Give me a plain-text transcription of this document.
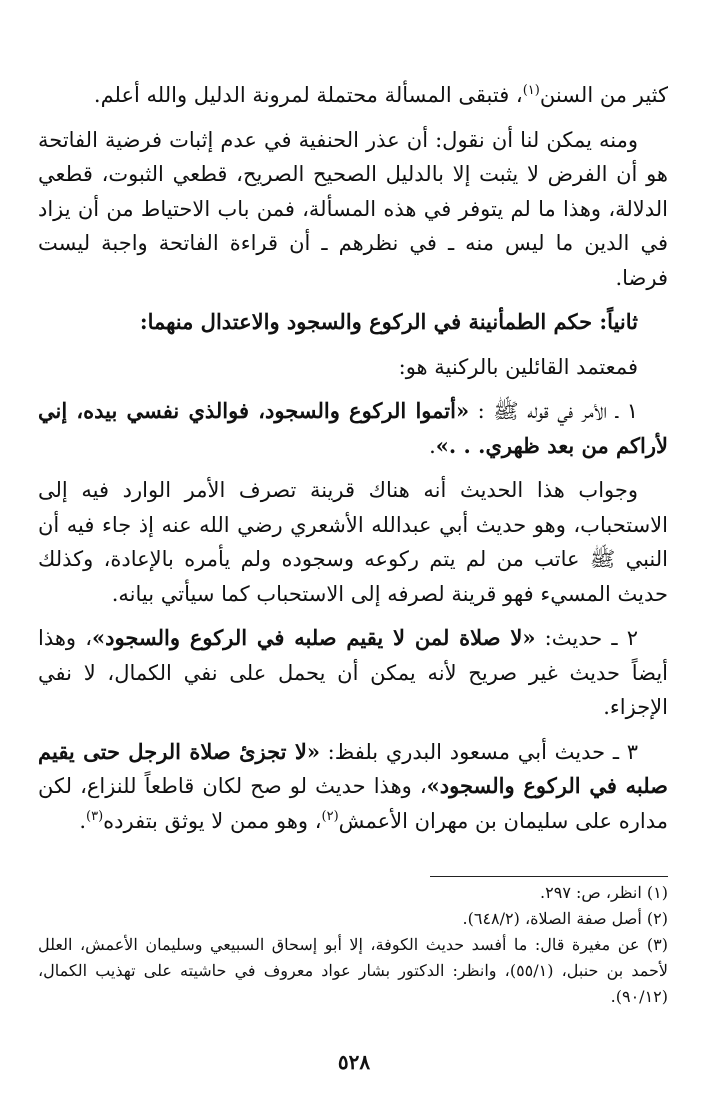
كثير من السنن$^{(١)}$، فتبقى المسألة محتملة لمرونة الدليل والله أعلم.

ومنه يمكن لنا أن نقول: أن عذر الحنفية في عدم إثبات فرضية الفاتحة هو أن الفرض لا يثبت إلا بالدليل الصحيح الصريح، قطعي الثبوت، قطعي الدلالة، وهذا ما لم يتوفر في هذه المسألة، فمن باب الاحتياط من أن يزاد في الدين ما ليس منه ـ في نظرهم ـ أن قراءة الفاتحة واجبة ليست فرضا.

ثانياً: حكم الطمأنينة في الركوع والسجود والاعتدال منهما:

فمعتمد القائلين بالركنية هو:

١ ـ الأمر في قوله ﷺ : «أتموا الركوع والسجود، فوالذي نفسي بيده، إني لأراكم من بعد ظهري. . .».

وجواب هذا الحديث أنه هناك قرينة تصرف الأمر الوارد فيه إلى الاستحباب، وهو حديث أبي عبدالله الأشعري رضي الله عنه إذ جاء فيه أن النبي ﷺ عاتب من لم يتم ركوعه وسجوده ولم يأمره بالإعادة، وكذلك حديث المسيء فهو قرينة لصرفه إلى الاستحباب كما سيأتي بيانه.

٢ ـ حديث: «لا صلاة لمن لا يقيم صلبه في الركوع والسجود»، وهذا أيضاً حديث غير صريح لأنه يمكن أن يحمل على نفي الكمال، لا نفي الإجزاء.

٣ ـ حديث أبي مسعود البدري بلفظ: «لا تجزئ صلاة الرجل حتى يقيم صلبه في الركوع والسجود»، وهذا حديث لو صح لكان قاطعاً للنزاع، لكن مداره على سليمان بن مهران الأعمش$^{(٢)}$، وهو ممن لا يوثق بتفرده$^{(٣)}$.

(١) انظر، ص: ٢٩٧.

(٢) أصل صفة الصلاة، (٦٤٨/٢).

(٣) عن مغيرة قال: ما أفسد حديث الكوفة، إلا أبو إسحاق السبيعي وسليمان الأعمش، العلل لأحمد بن حنبل، (٥٥/١)، وانظر: الدكتور بشار عواد معروف في حاشيته على تهذيب الكمال، (٩٠/١٢).

٥٢٨
